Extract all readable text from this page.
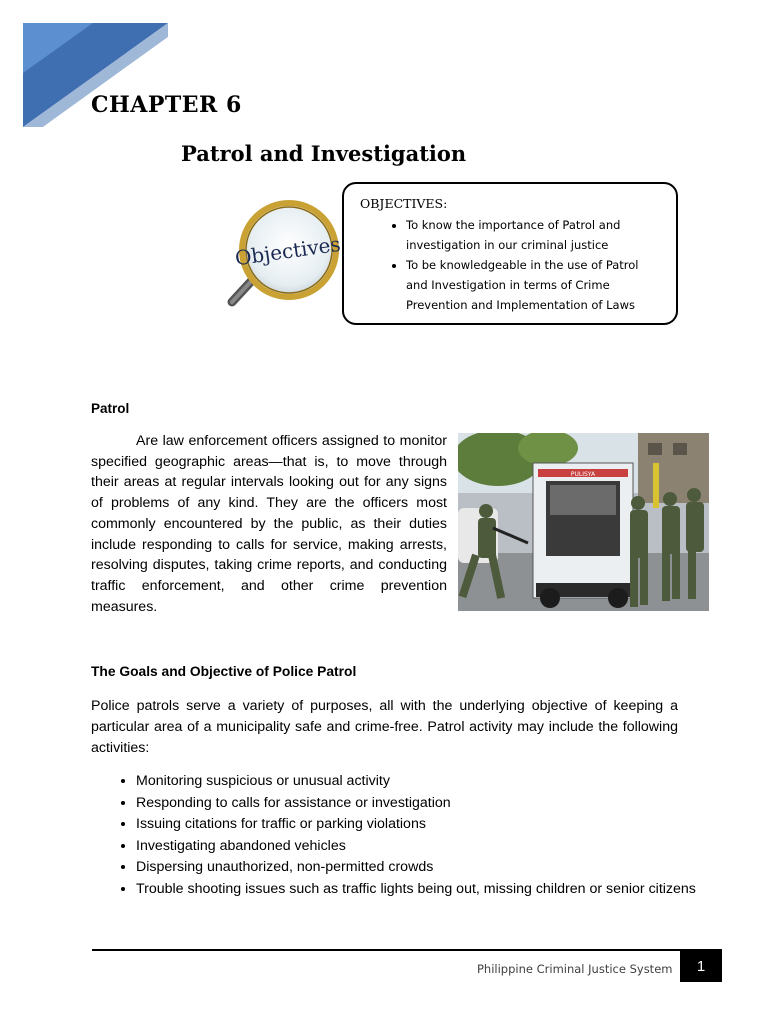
CHAPTER 6
Patrol and Investigation
Objectives
OBJECTIVES:
• To know the importance of Patrol and investigation in our criminal justice
• To be knowledgeable in the use of Patrol and Investigation in terms of Crime Prevention and Implementation of Laws
Patrol

Are law enforcement officers assigned to monitor specified geographic areas—that is, to move through their areas at regular intervals looking out for any signs of problems of any kind. They are the officers most commonly encountered by the public, as their duties include responding to calls for service, making arrests, resolving disputes, taking crime reports, and conducting traffic enforcement, and other crime prevention measures.

PULISYA
The Goals and Objective of Police Patrol

Police patrols serve a variety of purposes, all with the underlying objective of keeping a particular area of a municipality safe and crime-free. Patrol activity may include the following activities:

• Monitoring suspicious or unusual activity
• Responding to calls for assistance or investigation
• Issuing citations for traffic or parking violations
• Investigating abandoned vehicles
• Dispersing unauthorized, non-permitted crowds
• Trouble shooting issues such as traffic lights being out, missing children or senior citizens
Philippine Criminal Justice System	1
